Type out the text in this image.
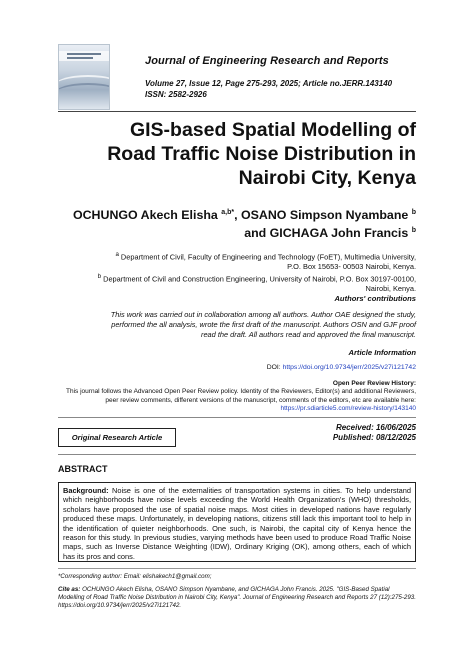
Journal of Engineering Research and Reports
Volume 27, Issue 12, Page 275-293, 2025; Article no.JERR.143140
ISSN: 2582-2926
GIS-based Spatial Modelling of
Road Traffic Noise Distribution in
Nairobi City, Kenya
OCHUNGO Akech Elisha $^{a,b*}$, OSANO Simpson Nyambane $^b$
and GICHAGA John Francis $^b$
$^a$ Department of Civil, Faculty of Engineering and Technology (FoET), Multimedia University,
P.O. Box 15653- 00503 Nairobi, Kenya.
$^b$ Department of Civil and Construction Engineering, University of Nairobi, P.O. Box 30197-00100,
Nairobi, Kenya.
Authors' contributions
This work was carried out in collaboration among all authors. Author OAE designed the study,
performed the all analysis, wrote the first draft of the manuscript. Authors OSN and GJF proof
read the draft. All authors read and approved the final manuscript.
Article Information
DOI: https://doi.org/10.9734/jerr/2025/v27i121742
Open Peer Review History:
This journal follows the Advanced Open Peer Review policy. Identity of the Reviewers, Editor(s) and additional Reviewers,
peer review comments, different versions of the manuscript, comments of the editors, etc are available here:
https://pr.sdiarticle5.com/review-history/143140
Original Research Article
Received: 16/06/2025
Published: 08/12/2025
ABSTRACT
Background: Noise is one of the externalities of transportation systems in cities. To help understand which neighborhoods have noise levels exceeding the World Health Organization's (WHO) thresholds, scholars have proposed the use of spatial noise maps. Most cities in developed nations have regularly produced these maps. Unfortunately, in developing nations, citizens still lack this important tool to help in the identification of quieter neighborhoods. One such, is Nairobi, the capital city of Kenya hence the reason for this study. In previous studies, varying methods have been used to produce Road Traffic Noise maps, such as Inverse Distance Weighting (IDW), Ordinary Kriging (OK), among others, each of which has its pros and cons.
*Corresponding author: Email: elishakech1@gmail.com;
Cite as: OCHUNGO Akech Elisha, OSANO Simpson Nyambane, and GICHAGA John Francis. 2025. "GIS-Based Spatial Modelling of Road Traffic Noise Distribution in Nairobi City, Kenya". Journal of Engineering Research and Reports 27 (12):275-293. https://doi.org/10.9734/jerr/2025/v27i121742.
